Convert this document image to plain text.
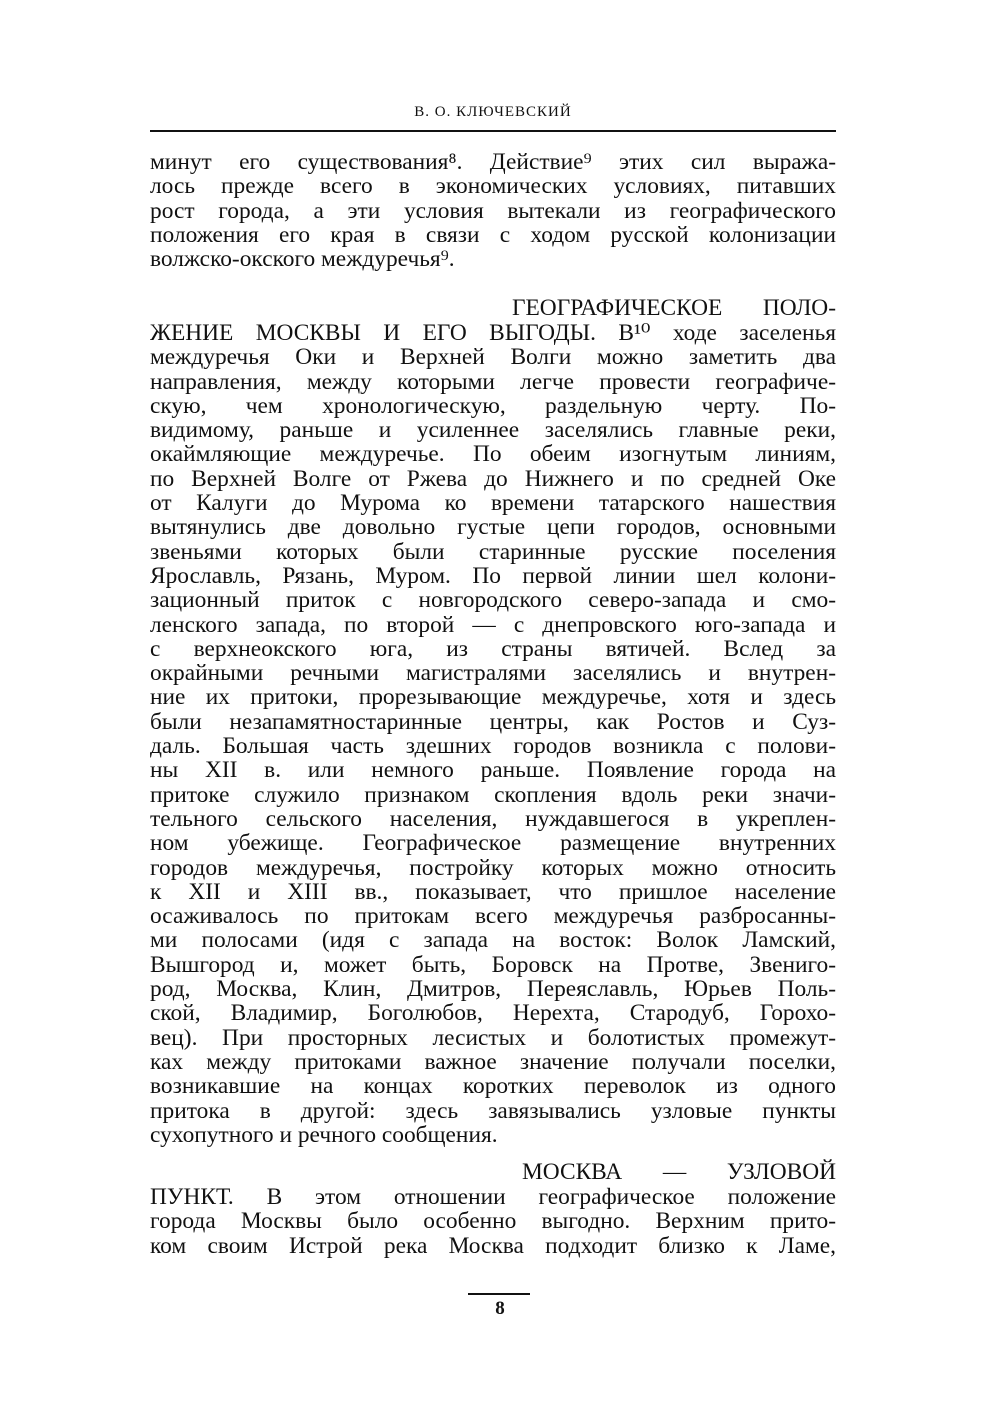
В. О. КЛЮЧЕВСКИЙ
минут его существования⁸. Действие⁹ этих сил выража-
лось прежде всего в экономических условиях, питавших
рост города, а эти условия вытекали из географического
положения его края в связи с ходом русской колонизации
волжско-окского междуречья⁹.
ГЕОГРАФИЧЕСКОЕ ПОЛО-
ЖЕНИЕ МОСКВЫ И ЕГО ВЫГОДЫ. В¹⁰ ходе заселенья
междуречья Оки и Верхней Волги можно заметить два
направления, между которыми легче провести географиче-
скую, чем хронологическую, раздельную черту. По-
видимому, раньше и усиленнее заселялись главные реки,
окаймляющие междуречье. По обеим изогнутым линиям,
по Верхней Волге от Ржева до Нижнего и по средней Оке
от Калуги до Мурома ко времени татарского нашествия
вытянулись две довольно густые цепи городов, основными
звеньями которых были старинные русские поселения
Ярославль, Рязань, Муром. По первой линии шел колони-
зационный приток с новгородского северо-запада и смо-
ленского запада, по второй — с днепровского юго-запада и
с верхнеокского юга, из страны вятичей. Вслед за
окрайными речными магистралями заселялись и внутрен-
ние их притоки, прорезывающие междуречье, хотя и здесь
были незапамятностаринные центры, как Ростов и Суз-
даль. Большая часть здешних городов возникла с полови-
ны XII в. или немного раньше. Появление города на
притоке служило признаком скопления вдоль реки значи-
тельного сельского населения, нуждавшегося в укреплен-
ном убежище. Географическое размещение внутренних
городов междуречья, постройку которых можно относить
к XII и XIII вв., показывает, что пришлое население
осаживалось по притокам всего междуречья разбросанны-
ми полосами (идя с запада на восток: Волок Ламский,
Вышгород и, может быть, Боровск на Протве, Звениго-
род, Москва, Клин, Дмитров, Переяславль, Юрьев Поль-
ской, Владимир, Боголюбов, Нерехта, Стародуб, Горохо-
вец). При просторных лесистых и болотистых промежут-
ках между притоками важное значение получали поселки,
возникавшие на концах коротких переволок из одного
притока в другой: здесь завязывались узловые пункты
сухопутного и речного сообщения.
МОСКВА — УЗЛОВОЙ
ПУНКТ. В этом отношении географическое положение
города Москвы было особенно выгодно. Верхним прито-
ком своим Истрой река Москва подходит близко к Ламе,
8
